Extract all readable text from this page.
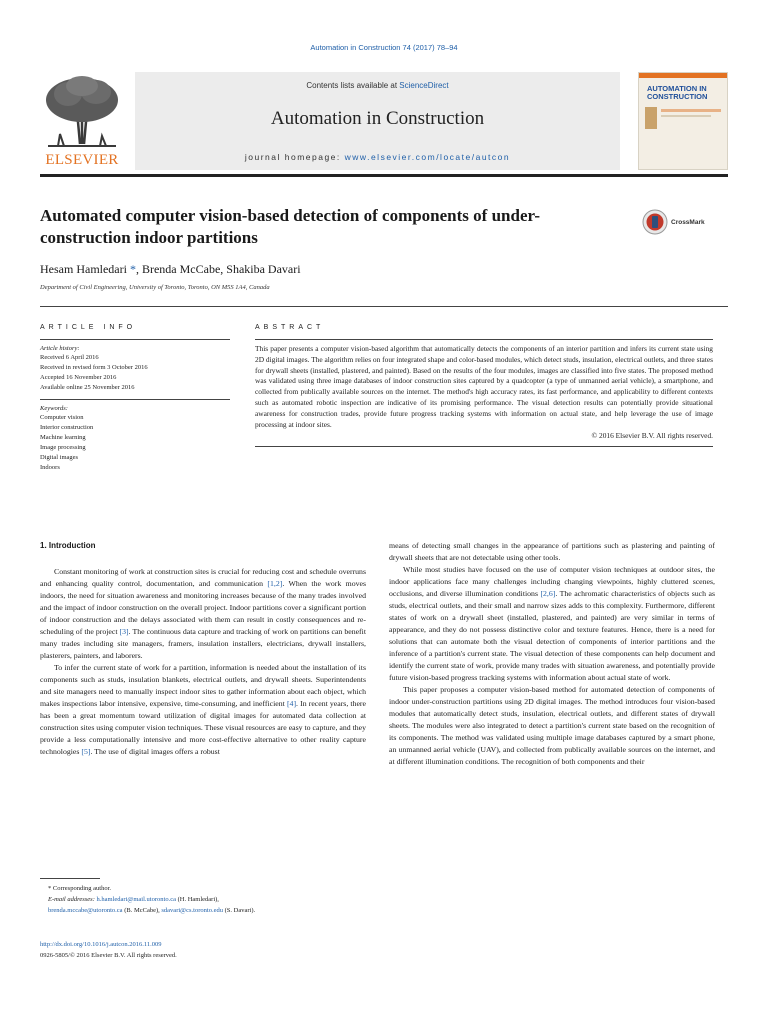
Automation in Construction 74 (2017) 78–94
ELSEVIER
Contents lists available at ScienceDirect
Automation in Construction
journal homepage: www.elsevier.com/locate/autcon
AUTOMATION IN CONSTRUCTION
Automated computer vision-based detection of components of under-construction indoor partitions
CrossMark
Hesam Hamledari *, Brenda McCabe, Shakiba Davari
Department of Civil Engineering, University of Toronto, Toronto, ON M5S 1A4, Canada
ARTICLE INFO
Article history:
Received 6 April 2016
Received in revised form 3 October 2016
Accepted 16 November 2016
Available online 25 November 2016
Keywords:
Computer vision
Interior construction
Machine learning
Image processing
Digital images
Indoors
ABSTRACT

This paper presents a computer vision-based algorithm that automatically detects the components of an interior partition and infers its current state using 2D digital images. The algorithm relies on four integrated shape and color-based modules, which detect studs, insulation, electrical outlets, and three states for drywall sheets (installed, plastered, and painted). Based on the results of the four modules, images are classified into five states. The proposed method was validated using three image databases of indoor construction sites captured by a quadcopter (a type of unmanned aerial vehicle), a smartphone, and collected from publically available sources on the internet. The method's high accuracy rates, its fast performance, and applicability to different contexts such as automated robotic inspection are indicative of its promising performance. The visual detection results can potentially provide situational awareness for construction trades, provide future progress tracking systems with information on actual state, and help leverage the use of image processing at indoor sites.

© 2016 Elsevier B.V. All rights reserved.
1. Introduction

Constant monitoring of work at construction sites is crucial for reducing cost and schedule overruns and enhancing quality control, documentation, and communication [1,2]. When the work moves indoors, the need for situation awareness and monitoring increases because of the many trades involved and the impact of indoor construction on the overall project. Indoor partitions cover a significant portion of indoor construction and the delays associated with them can result in costly consequences and re-scheduling of the project [3]. The continuous data capture and tracking of work on partitions can benefit many trades including site managers, framers, insulation installers, electricians, drywall installers, plasterers, painters, and laborers.

To infer the current state of work for a partition, information is needed about the installation of its components such as studs, insulation blankets, electrical outlets, and drywall sheets. Superintendents and site managers need to manually inspect indoor sites to gather information about each object, which makes inspections labor intensive, expensive, time-consuming, and inefficient [4]. In recent years, there has been a great momentum toward utilization of digital images for automated data collection at construction sites using computer vision techniques. These visual resources are easy to capture, and they provide a less computationally intensive and more cost-effective alternative to other reality capture technologies [5]. The use of digital images offers a robust

means of detecting small changes in the appearance of partitions such as plastering and painting of drywall sheets that are not detectable using other tools.

While most studies have focused on the use of computer vision techniques at outdoor sites, the indoor applications face many challenges including changing viewpoints, highly cluttered scenes, occlusions, and diverse illumination conditions [2,6]. The achromatic characteristics of objects such as studs, electrical outlets, and their small and narrow sizes adds to this complexity. Furthermore, different states of work on a drywall sheet (installed, plastered, and painted) are very similar in terms of appearance, and they do not possess distinctive color and texture features. Hence, there is a need for solutions that can automate both the visual detection of components of interior partitions and the inference of a partition's current state. The visual detection of these components can help document and identify the current state of work, provide many trades with situation awareness, and potentially provide future vision-based progress tracking systems with information about actual state of work.

This paper proposes a computer vision-based method for automated detection of components of indoor under-construction partitions using 2D digital images. The method introduces four vision-based modules that automatically detect studs, insulation, electrical outlets, and different states of drywall sheets. The modules were also integrated to detect a partition's current state based on the recognition of its components. The method was validated using multiple image databases captured by a smart phone, an unmanned aerial vehicle (UAV), and collected from publically available sources on the internet, and at different illumination conditions. The recognition of both components and their

* Corresponding author.
E-mail addresses: h.hamledari@mail.utoronto.ca (H. Hamledari),
brenda.mccabe@utoronto.ca (B. McCabe), sdavari@cs.toronto.edu (S. Davari).
http://dx.doi.org/10.1016/j.autcon.2016.11.009
0926-5805/© 2016 Elsevier B.V. All rights reserved.
